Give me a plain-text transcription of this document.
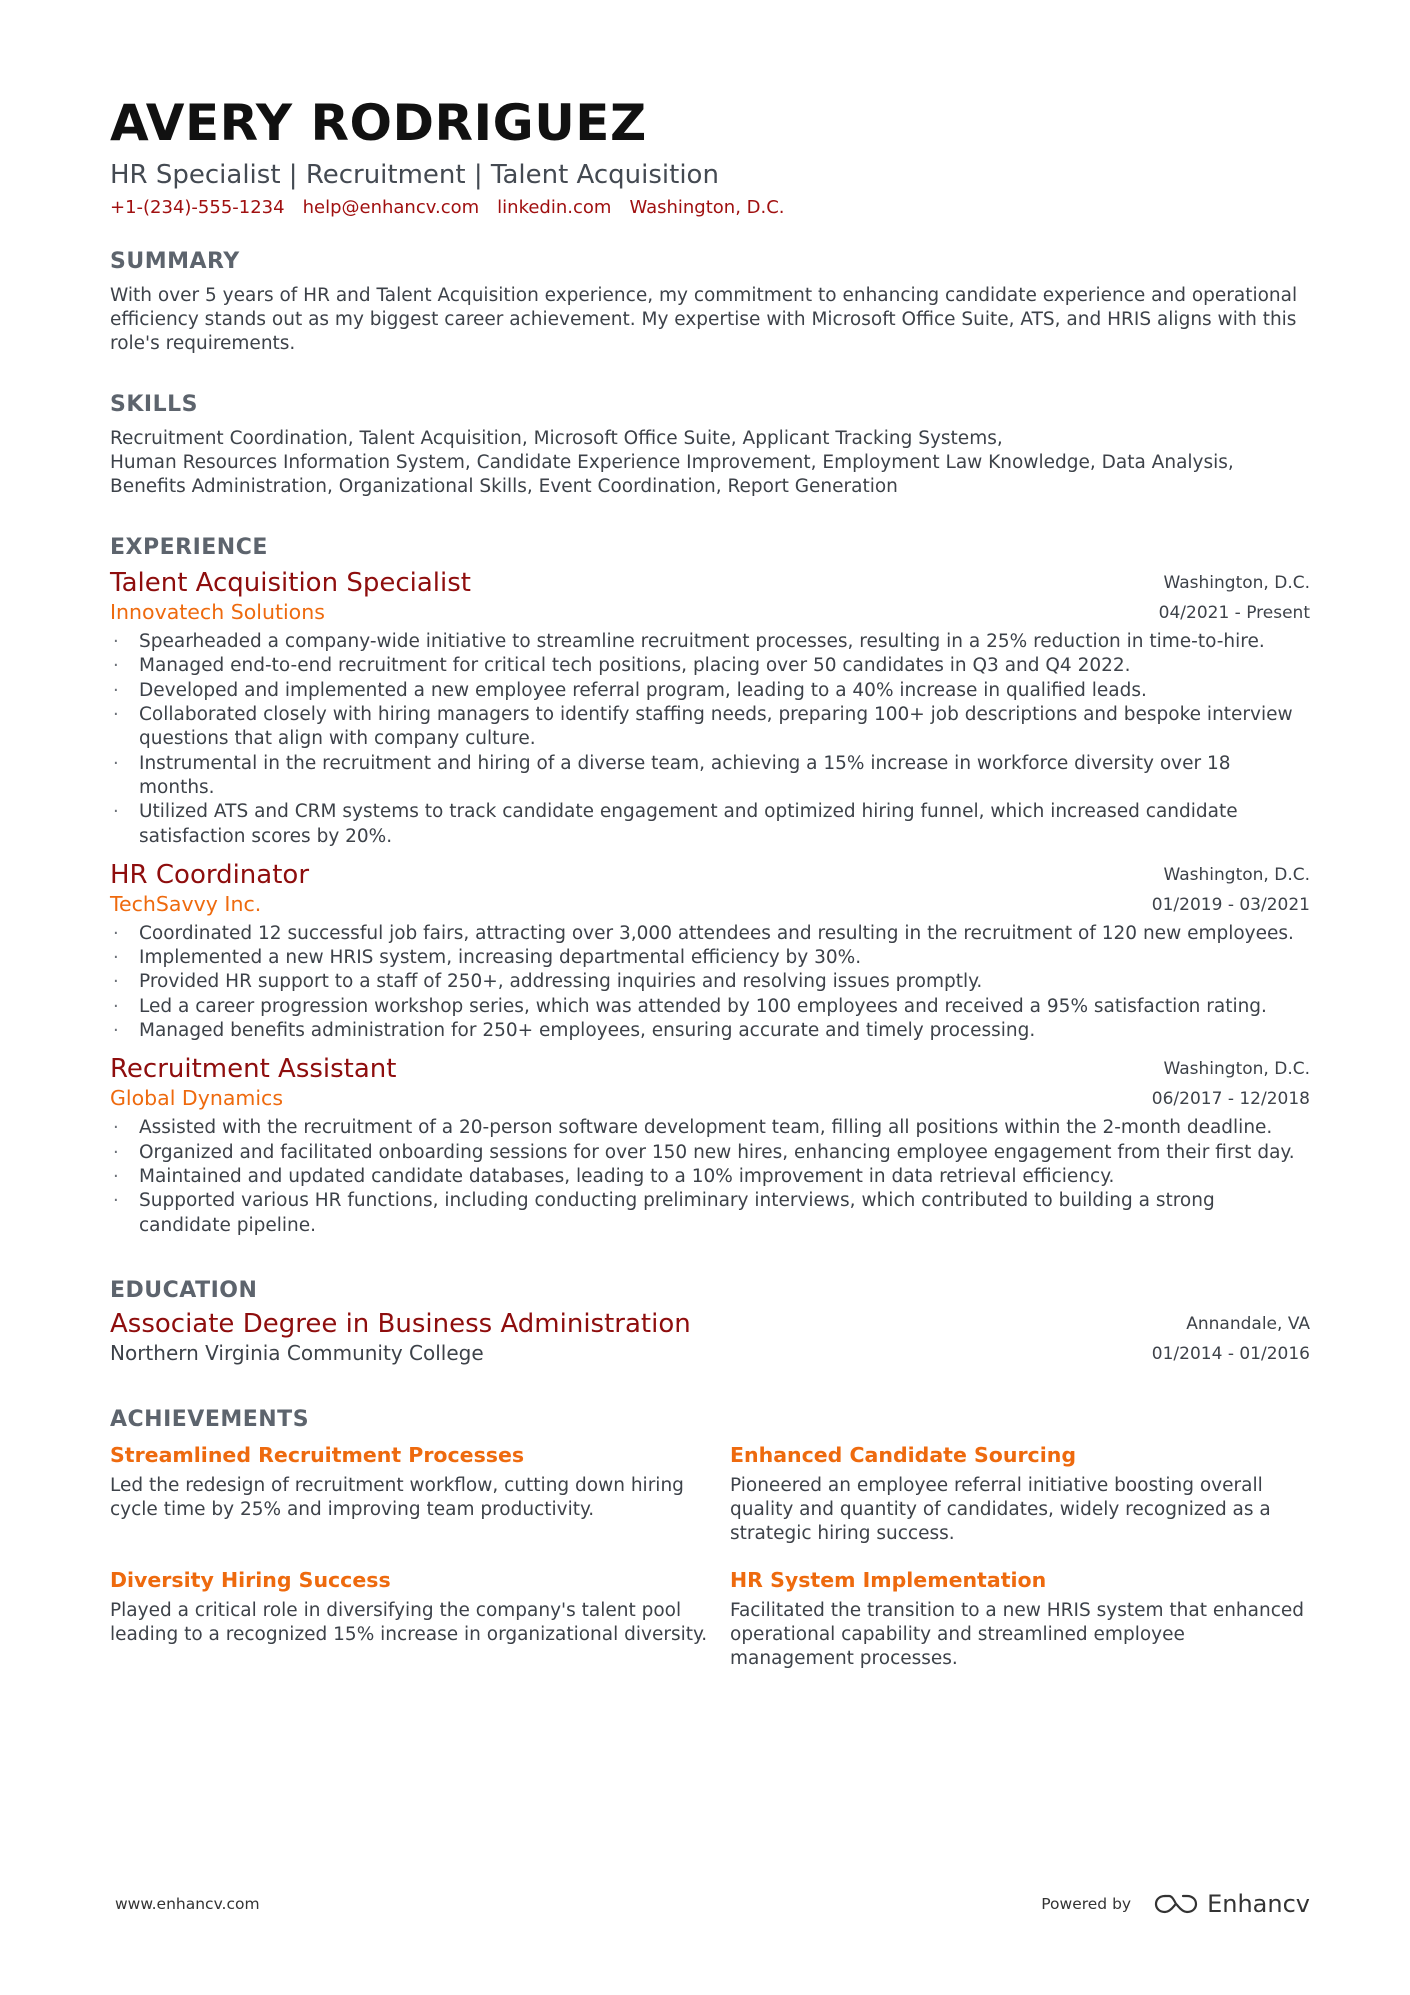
AVERY RODRIGUEZ
HR Specialist | Recruitment | Talent Acquisition
+1-(234)-555-1234 help@enhancv.com linkedin.com Washington, D.C.
SUMMARY
With over 5 years of HR and Talent Acquisition experience, my commitment to enhancing candidate experience and operational efficiency stands out as my biggest career achievement. My expertise with Microsoft Office Suite, ATS, and HRIS aligns with this role's requirements.
SKILLS
Recruitment Coordination, Talent Acquisition, Microsoft Office Suite, Applicant Tracking Systems,
Human Resources Information System, Candidate Experience Improvement, Employment Law Knowledge, Data Analysis,
Benefits Administration, Organizational Skills, Event Coordination, Report Generation
EXPERIENCE
Talent Acquisition Specialist
Innovatech Solutions
Washington, D.C.
04/2021 - Present
· Spearheaded a company-wide initiative to streamline recruitment processes, resulting in a 25% reduction in time-to-hire.
· Managed end-to-end recruitment for critical tech positions, placing over 50 candidates in Q3 and Q4 2022.
· Developed and implemented a new employee referral program, leading to a 40% increase in qualified leads.
· Collaborated closely with hiring managers to identify staffing needs, preparing 100+ job descriptions and bespoke interview questions that align with company culture.
· Instrumental in the recruitment and hiring of a diverse team, achieving a 15% increase in workforce diversity over 18 months.
· Utilized ATS and CRM systems to track candidate engagement and optimized hiring funnel, which increased candidate satisfaction scores by 20%.
HR Coordinator
TechSavvy Inc.
Washington, D.C.
01/2019 - 03/2021
· Coordinated 12 successful job fairs, attracting over 3,000 attendees and resulting in the recruitment of 120 new employees.
· Implemented a new HRIS system, increasing departmental efficiency by 30%.
· Provided HR support to a staff of 250+, addressing inquiries and resolving issues promptly.
· Led a career progression workshop series, which was attended by 100 employees and received a 95% satisfaction rating.
· Managed benefits administration for 250+ employees, ensuring accurate and timely processing.
Recruitment Assistant
Global Dynamics
Washington, D.C.
06/2017 - 12/2018
· Assisted with the recruitment of a 20-person software development team, filling all positions within the 2-month deadline.
· Organized and facilitated onboarding sessions for over 150 new hires, enhancing employee engagement from their first day.
· Maintained and updated candidate databases, leading to a 10% improvement in data retrieval efficiency.
· Supported various HR functions, including conducting preliminary interviews, which contributed to building a strong candidate pipeline.
EDUCATION
Associate Degree in Business Administration
Northern Virginia Community College
Annandale, VA
01/2014 - 01/2016
ACHIEVEMENTS
Streamlined Recruitment Processes
Led the redesign of recruitment workflow, cutting down hiring cycle time by 25% and improving team productivity.
Enhanced Candidate Sourcing
Pioneered an employee referral initiative boosting overall quality and quantity of candidates, widely recognized as a strategic hiring success.
Diversity Hiring Success
Played a critical role in diversifying the company's talent pool leading to a recognized 15% increase in organizational diversity.
HR System Implementation
Facilitated the transition to a new HRIS system that enhanced operational capability and streamlined employee management processes.
www.enhancv.com	Powered by	Enhancv
